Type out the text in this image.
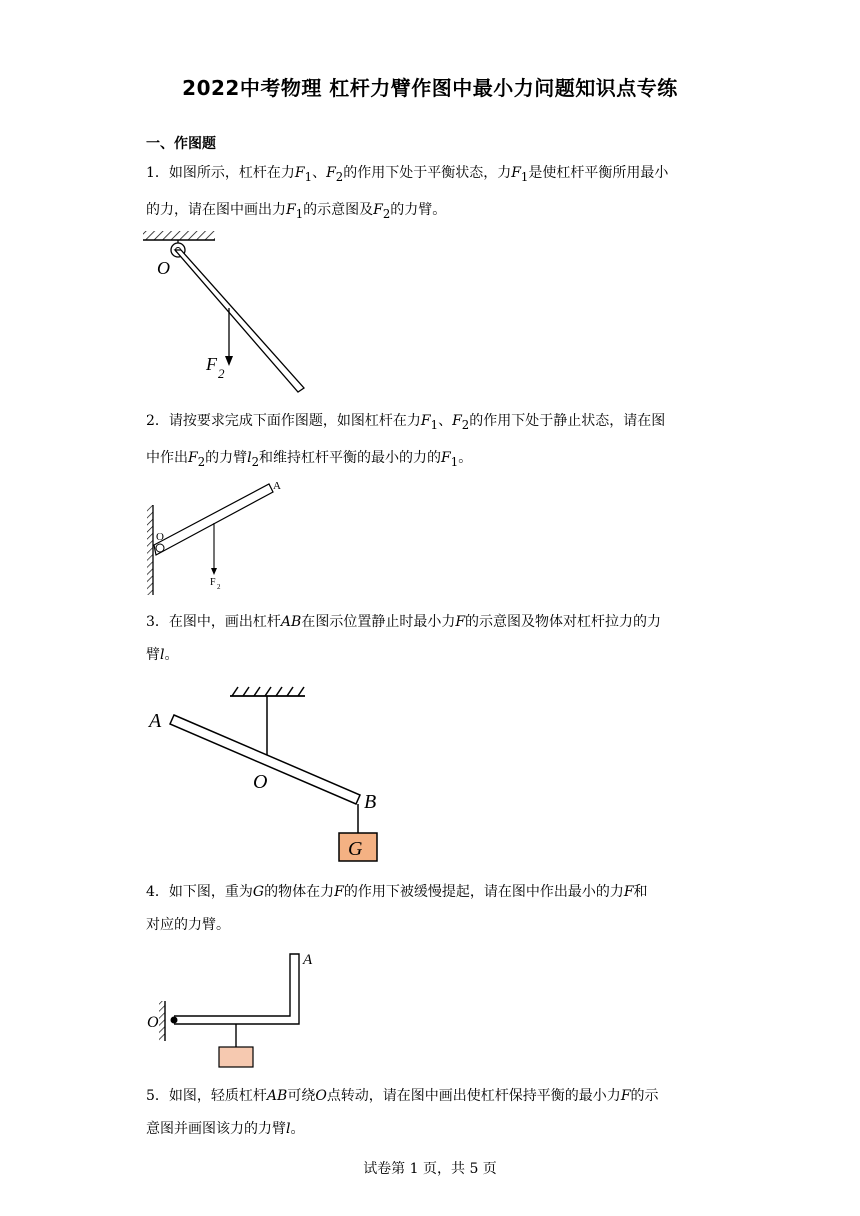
2022中考物理 杠杆力臂作图中最小力问题知识点专练
一、作图题
1．如图所示，杠杆在力$F_1$、$F_2$的作用下处于平衡状态，力$F_1$是使杠杆平衡所用最小
的力，请在图中画出力$F_1$的示意图及$F_2$的力臂。
O
F 2
2．请按要求完成下面作图题，如图杠杆在力$F_1$、$F_2$的作用下处于静止状态，请在图
中作出$F_2$的力臂$l_2$和维持杠杆平衡的最小的力的$F_1$。
O
A
F 2
3．在图中，画出杠杆AB在图示位置静止时最小力F的示意图及物体对杠杆拉力的力
臂l。
G
A
O
B
4．如下图，重为G的物体在力F的作用下被缓慢提起，请在图中作出最小的力F和
对应的力臂。
O
A
5．如图，轻质杠杆AB可绕O点转动，请在图中画出使杠杆保持平衡的最小力F的示
意图并画图该力的力臂l。
试卷第 1 页，共 5 页
